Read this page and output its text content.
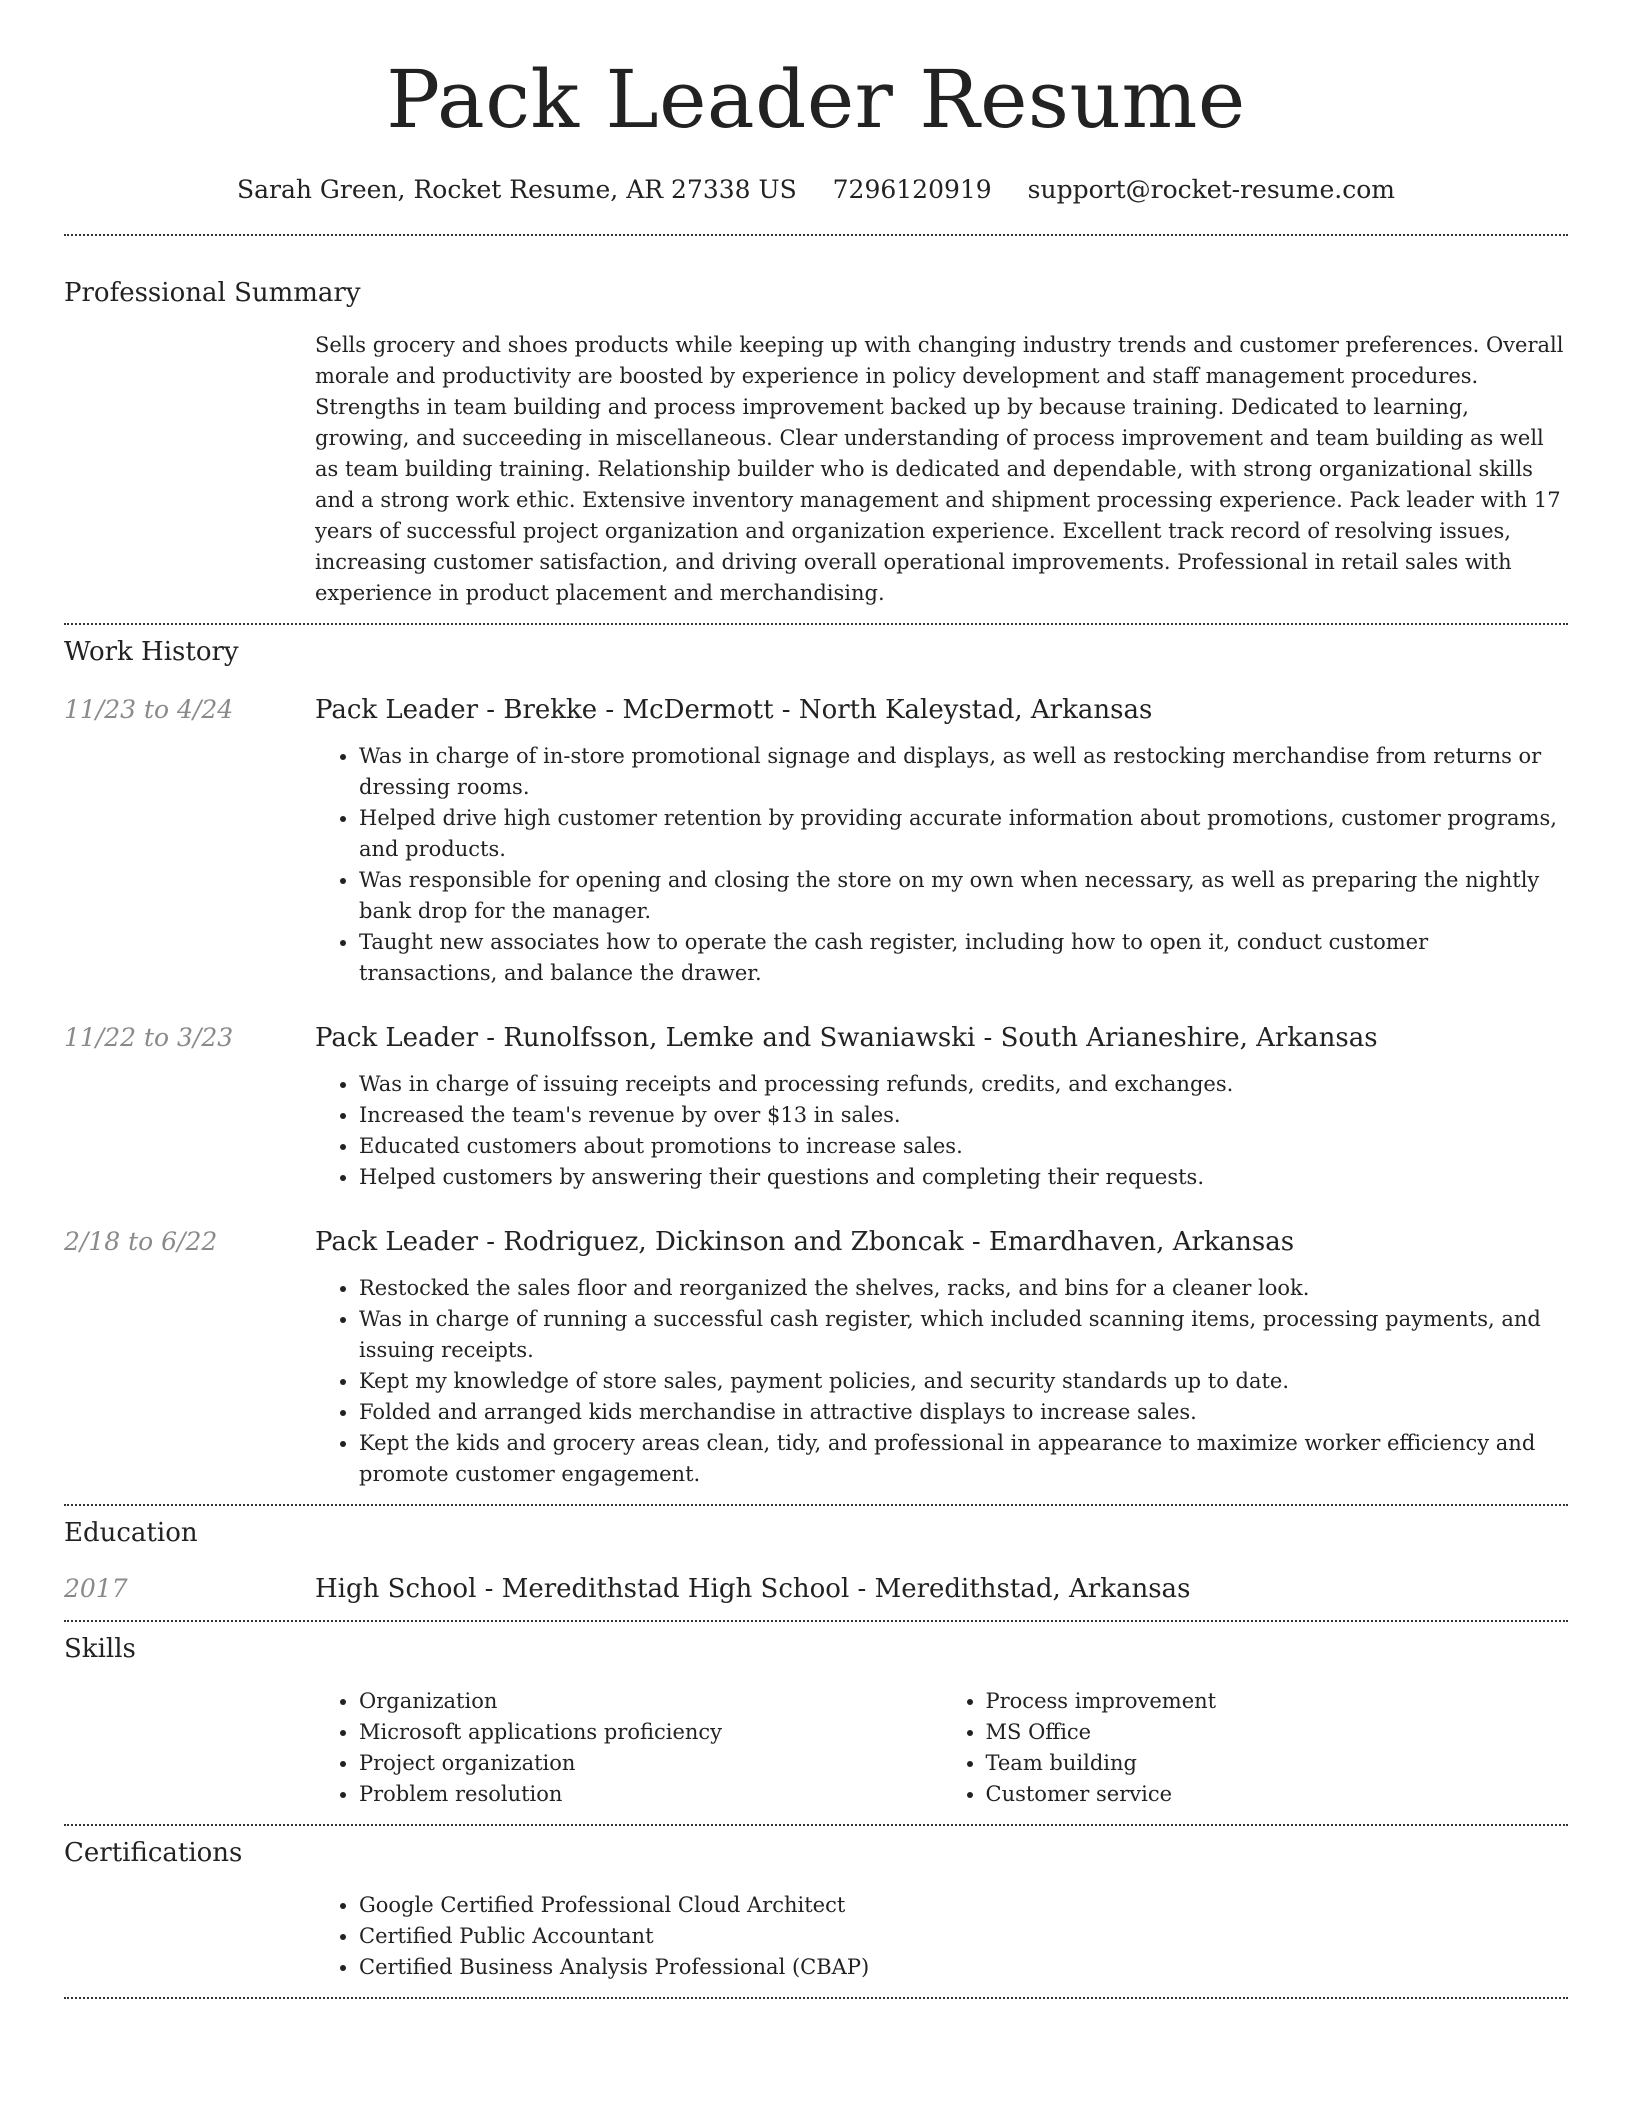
Pack Leader Resume
Sarah Green, Rocket Resume, AR 27338 US 7296120919 support@rocket-resume.com
Professional Summary
Sells grocery and shoes products while keeping up with changing industry trends and customer preferences. Overall morale and productivity are boosted by experience in policy development and staff management procedures. Strengths in team building and process improvement backed up by because training. Dedicated to learning, growing, and succeeding in miscellaneous. Clear understanding of process improvement and team building as well as team building training. Relationship builder who is dedicated and dependable, with strong organizational skills and a strong work ethic. Extensive inventory management and shipment processing experience. Pack leader with 17 years of successful project organization and organization experience. Excellent track record of resolving issues, increasing customer satisfaction, and driving overall operational improvements. Professional in retail sales with experience in product placement and merchandising.
Work History
11/23 to 4/24	Pack Leader - Brekke - McDermott - North Kaleystad, Arkansas
• Was in charge of in-store promotional signage and displays, as well as restocking merchandise from returns or dressing rooms.
• Helped drive high customer retention by providing accurate information about promotions, customer programs, and products.
• Was responsible for opening and closing the store on my own when necessary, as well as preparing the nightly bank drop for the manager.
• Taught new associates how to operate the cash register, including how to open it, conduct customer transactions, and balance the drawer.
11/22 to 3/23	Pack Leader - Runolfsson, Lemke and Swaniawski - South Arianeshire, Arkansas
• Was in charge of issuing receipts and processing refunds, credits, and exchanges.
• Increased the team's revenue by over $13 in sales.
• Educated customers about promotions to increase sales.
• Helped customers by answering their questions and completing their requests.
2/18 to 6/22	Pack Leader - Rodriguez, Dickinson and Zboncak - Emardhaven, Arkansas
• Restocked the sales floor and reorganized the shelves, racks, and bins for a cleaner look.
• Was in charge of running a successful cash register, which included scanning items, processing payments, and issuing receipts.
• Kept my knowledge of store sales, payment policies, and security standards up to date.
• Folded and arranged kids merchandise in attractive displays to increase sales.
• Kept the kids and grocery areas clean, tidy, and professional in appearance to maximize worker efficiency and promote customer engagement.
Education
2017	High School - Meredithstad High School - Meredithstad, Arkansas
Skills
• Organization
• Microsoft applications proficiency
• Project organization
• Problem resolution
• Process improvement
• MS Office
• Team building
• Customer service
Certifications
• Google Certified Professional Cloud Architect
• Certified Public Accountant
• Certified Business Analysis Professional (CBAP)
